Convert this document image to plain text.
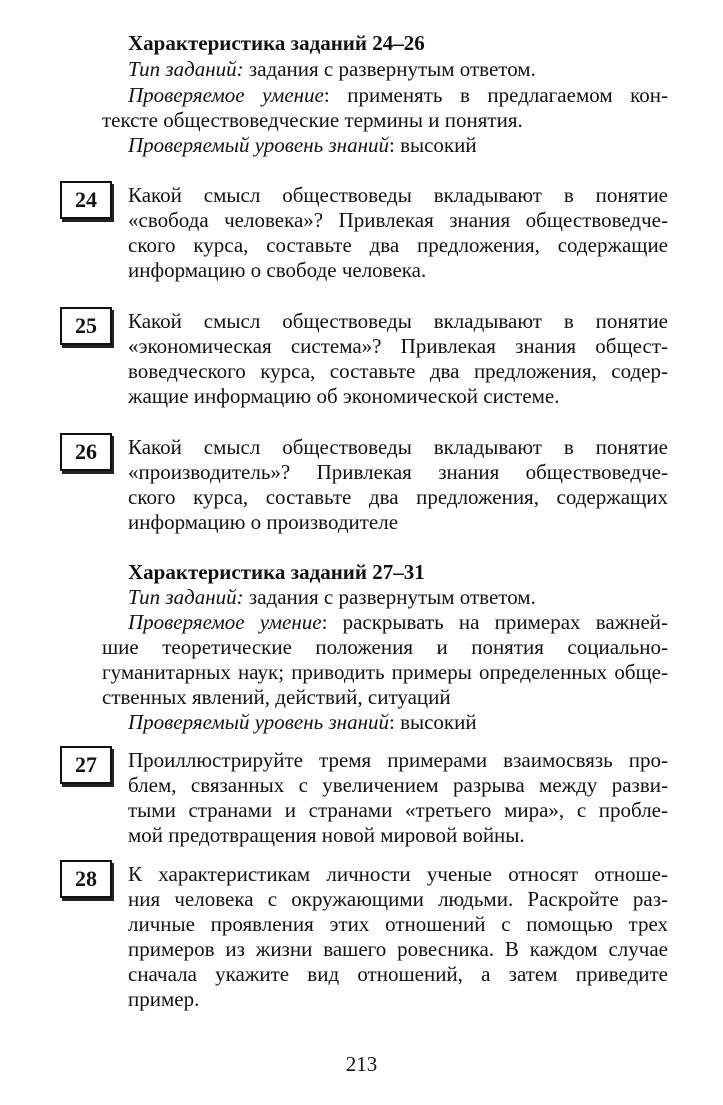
Характеристика заданий 24–26
Тип заданий: задания с развернутым ответом.
Проверяемое умение: применять в предлагаемом кон-
тексте обществоведческие термины и понятия.
Проверяемый уровень знаний: высокий
24	Какой смысл обществоведы вкладывают в понятие
«свобода человека»? Привлекая знания обществоведче-
ского курса, составьте два предложения, содержащие
информацию о свободе человека.
25	Какой смысл обществоведы вкладывают в понятие
«экономическая система»? Привлекая знания общест-
воведческого курса, составьте два предложения, содер-
жащие информацию об экономической системе.
26	Какой смысл обществоведы вкладывают в понятие
«производитель»? Привлекая знания обществоведче-
ского курса, составьте два предложения, содержащих
информацию о производителе
Характеристика заданий 27–31
Тип заданий: задания с развернутым ответом.
Проверяемое умение: раскрывать на примерах важней-
шие теоретические положения и понятия социально-
гуманитарных наук; приводить примеры определенных обще-
ственных явлений, действий, ситуаций
Проверяемый уровень знаний: высокий
27	Проиллюстрируйте тремя примерами взаимосвязь про-
блем, связанных с увеличением разрыва между разви-
тыми странами и странами «третьего мира», с пробле-
мой предотвращения новой мировой войны.
28	К характеристикам личности ученые относят отноше-
ния человека с окружающими людьми. Раскройте раз-
личные проявления этих отношений с помощью трех
примеров из жизни вашего ровесника. В каждом случае
сначала укажите вид отношений, а затем приведите
пример.
213
